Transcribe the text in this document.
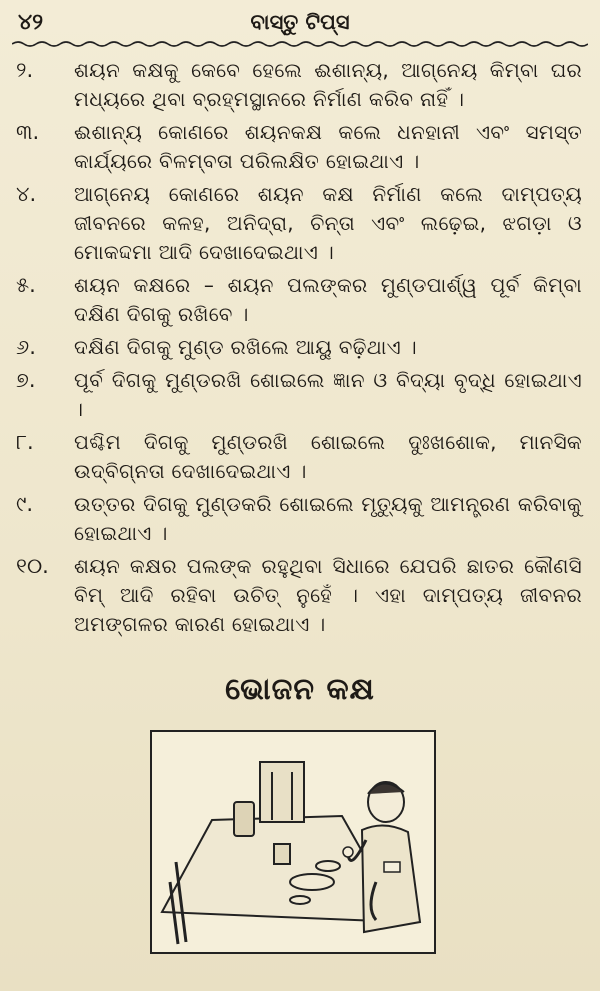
୪୨	ବାସ୍ତୁ ଟିପ୍ସ
୨.	ଶୟନ କକ୍ଷକୁ କେବେ ହେଲେ ଈଶାନ୍ୟ, ଆଗ୍ନେୟ କିମ୍ବା ଘର ମଧ୍ୟରେ ଥିବା ବ୍ରହ୍ମସ୍ଥାନରେ ନିର୍ମାଣ କରିବ ନାହିଁ ।
୩.	ଈଶାନ୍ୟ କୋଣରେ ଶୟନକକ୍ଷ କଲେ ଧନହାନୀ ଏବଂ ସମସ୍ତ କାର୍ଯ୍ୟରେ ବିଳମ୍ବତା ପରିଲକ୍ଷିତ ହୋଇଥାଏ ।
୪.	ଆଗ୍ନେୟ କୋଣରେ ଶୟନ କକ୍ଷ ନିର୍ମାଣ କଲେ ଦାମ୍ପତ୍ୟ ଜୀବନରେ କଳହ, ଅନିଦ୍ରା, ଚିନ୍ତା ଏବଂ ଲଢ଼େଇ, ଝଗଡ଼ା ଓ ମୋକଦ୍ଦମା ଆଦି ଦେଖାଦେଇଥାଏ ।
୫.	ଶୟନ କକ୍ଷରେ – ଶୟନ ପଲଙ୍କର ମୁଣ୍ଡପାର୍ଶ୍ୱ ପୂର୍ବ କିମ୍ବା ଦକ୍ଷିଣ ଦିଗକୁ ରଖିବେ ।
୬.	ଦକ୍ଷିଣ ଦିଗକୁ ମୁଣ୍ଡ ରଖିଲେ ଆୟୁ ବଢ଼ିଥାଏ ।
୭.	ପୂର୍ବ ଦିଗକୁ ମୁଣ୍ଡରଖି ଶୋଇଲେ ଜ୍ଞାନ ଓ ବିଦ୍ୟା ବୃଦ୍ଧି ହୋଇଥାଏ ।
୮.	ପଶ୍ଚିମ ଦିଗକୁ ମୁଣ୍ଡରଖି ଶୋଇଲେ ଦୁଃଖଶୋକ, ମାନସିକ ଉଦ୍‌ବିଗ୍ନତା ଦେଖାଦେଇଥାଏ ।
୯.	ଉତ୍ତର ଦିଗକୁ ମୁଣ୍ଡକରି ଶୋଇଲେ ମୃତ୍ୟୁକୁ ଆମନ୍ତ୍ରଣ କରିବାକୁ ହୋଇଥାଏ ।
୧୦.	ଶୟନ କକ୍ଷର ପଲଙ୍କ ରହୁଥିବା ସିଧାରେ ଯେପରି ଛାତର କୌଣସି ବିମ୍ ଆଦି ରହିବା ଉଚିତ୍ ନୁହେଁ । ଏହା ଦାମ୍ପତ୍ୟ ଜୀବନର ଅମଙ୍ଗଳର କାରଣ ହୋଇଥାଏ ।
ଭୋଜନ କକ୍ଷ
